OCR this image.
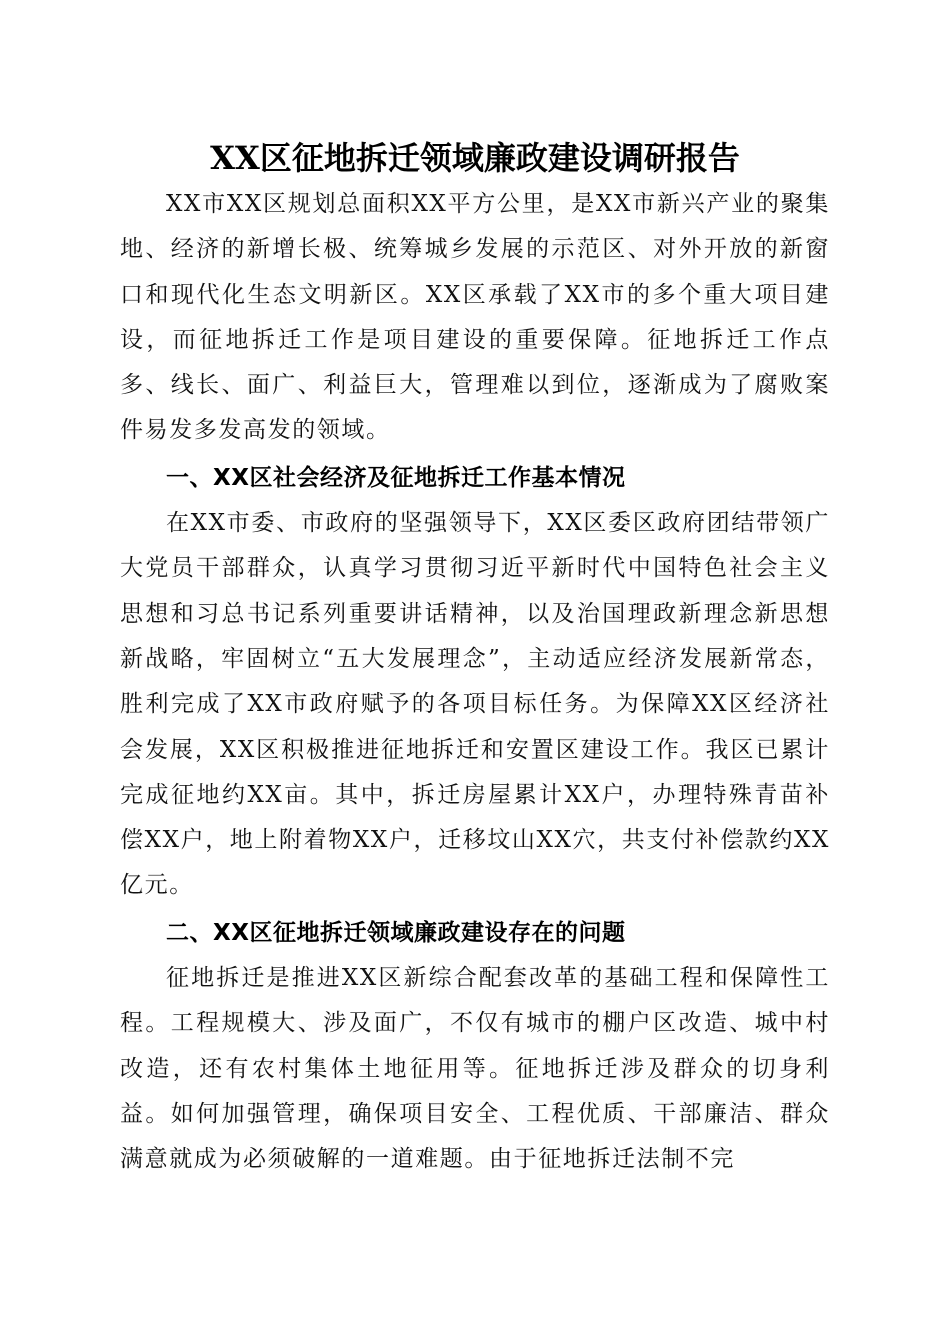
XX区征地拆迁领域廉政建设调研报告

XX市XX区规划总面积XX平方公里，是XX市新兴产业的聚集地、经济的新增长极、统筹城乡发展的示范区、对外开放的新窗口和现代化生态文明新区。XX区承载了XX市的多个重大项目建设，而征地拆迁工作是项目建设的重要保障。征地拆迁工作点多、线长、面广、利益巨大，管理难以到位，逐渐成为了腐败案件易发多发高发的领域。

一、XX区社会经济及征地拆迁工作基本情况

在XX市委、市政府的坚强领导下，XX区委区政府团结带领广大党员干部群众，认真学习贯彻习近平新时代中国特色社会主义思想和习总书记系列重要讲话精神，以及治国理政新理念新思想新战略，牢固树立“五大发展理念”，主动适应经济发展新常态，胜利完成了XX市政府赋予的各项目标任务。为保障XX区经济社会发展，XX区积极推进征地拆迁和安置区建设工作。我区已累计完成征地约XX亩。其中，拆迁房屋累计XX户，办理特殊青苗补偿XX户，地上附着物XX户，迁移坟山XX穴，共支付补偿款约XX亿元。

二、XX区征地拆迁领域廉政建设存在的问题

征地拆迁是推进XX区新综合配套改革的基础工程和保障性工程。工程规模大、涉及面广，不仅有城市的棚户区改造、城中村改造，还有农村集体土地征用等。征地拆迁涉及群众的切身利益。如何加强管理，确保项目安全、工程优质、干部廉洁、群众满意就成为必须破解的一道难题。由于征地拆迁法制不完
